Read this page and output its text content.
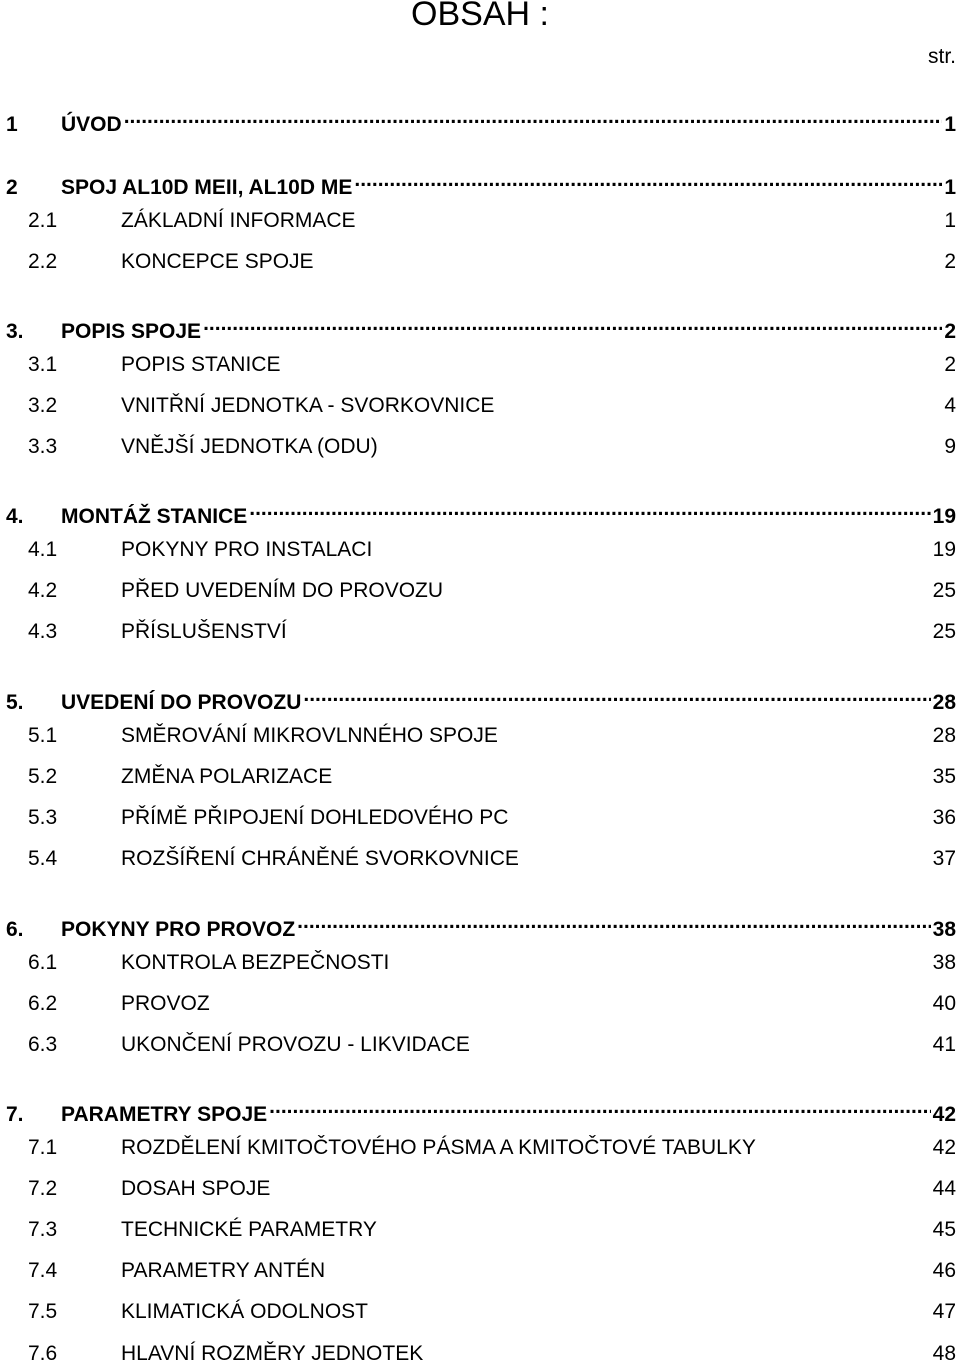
OBSAH :
str.
1	ÚVOD .....	1
2	SPOJ AL10D MEII, AL10D ME .....	1
2.1	ZÁKLADNÍ INFORMACE	1
2.2	KONCEPCE SPOJE	2
3.	POPIS SPOJE .....	2
3.1	POPIS STANICE	2
3.2	VNITŘNÍ JEDNOTKA - SVORKOVNICE	4
3.3	VNĚJŠÍ JEDNOTKA (ODU)	9
4.	MONTÁŽ STANICE .....	19
4.1	POKYNY PRO INSTALACI	19
4.2	PŘED UVEDENÍM DO PROVOZU	25
4.3	PŘÍSLUŠENSTVÍ	25
5.	UVEDENÍ DO PROVOZU .....	28
5.1	SMĚROVÁNÍ MIKROVLNNÉHO SPOJE	28
5.2	ZMĚNA POLARIZACE	35
5.3	PŘÍMĚ PŘIPOJENÍ DOHLEDOVÉHO PC	36
5.4	ROZŠÍŘENÍ CHRÁNĚNÉ SVORKOVNICE	37
6.	POKYNY PRO PROVOZ .....	38
6.1	KONTROLA BEZPEČNOSTI	38
6.2	PROVOZ	40
6.3	UKONČENÍ PROVOZU - LIKVIDACE	41
7.	PARAMETRY SPOJE .....	42
7.1	ROZDĚLENÍ KMITOČTOVÉHO PÁSMA A KMITOČTOVÉ TABULKY	42
7.2	DOSAH SPOJE	44
7.3	TECHNICKÉ PARAMETRY	45
7.4	PARAMETRY ANTÉN	46
7.5	KLIMATICKÁ ODOLNOST	47
7.6	HLAVNÍ ROZMĚRY JEDNOTEK	48
